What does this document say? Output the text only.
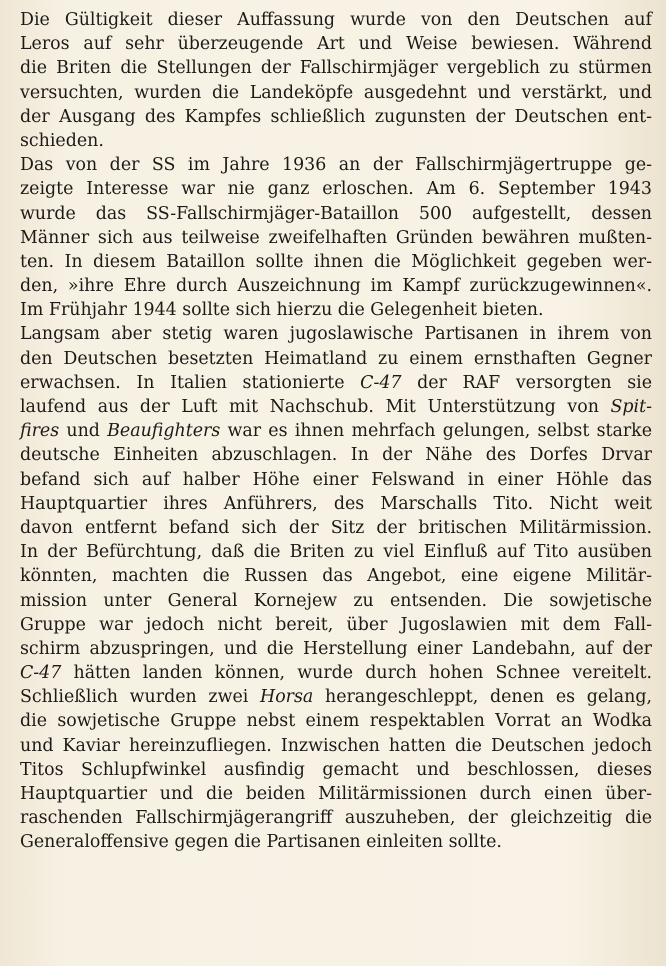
Die Gültigkeit dieser Auffassung wurde von den Deutschen auf
Leros auf sehr überzeugende Art und Weise bewiesen. Während
die Briten die Stellungen der Fallschirmjäger vergeblich zu stürmen
versuchten, wurden die Landeköpfe ausgedehnt und verstärkt, und
der Ausgang des Kampfes schließlich zugunsten der Deutschen ent-
schieden.

Das von der SS im Jahre 1936 an der Fallschirmjägertruppe ge-
zeigte Interesse war nie ganz erloschen. Am 6. September 1943
wurde das SS-Fallschirmjäger-Bataillon 500 aufgestellt, dessen
Männer sich aus teilweise zweifelhaften Gründen bewähren mußten-
ten. In diesem Bataillon sollte ihnen die Möglichkeit gegeben wer-
den, »ihre Ehre durch Auszeichnung im Kampf zurückzugewinnen«.
Im Frühjahr 1944 sollte sich hierzu die Gelegenheit bieten.

Langsam aber stetig waren jugoslawische Partisanen in ihrem von
den Deutschen besetzten Heimatland zu einem ernsthaften Gegner
erwachsen. In Italien stationierte C-47 der RAF versorgten sie
laufend aus der Luft mit Nachschub. Mit Unterstützung von Spit-
fires und Beaufighters war es ihnen mehrfach gelungen, selbst starke
deutsche Einheiten abzuschlagen. In der Nähe des Dorfes Drvar
befand sich auf halber Höhe einer Felswand in einer Höhle das
Hauptquartier ihres Anführers, des Marschalls Tito. Nicht weit
davon entfernt befand sich der Sitz der britischen Militärmission.
In der Befürchtung, daß die Briten zu viel Einfluß auf Tito ausüben
könnten, machten die Russen das Angebot, eine eigene Militär-
mission unter General Kornejew zu entsenden. Die sowjetische
Gruppe war jedoch nicht bereit, über Jugoslawien mit dem Fall-
schirm abzuspringen, und die Herstellung einer Landebahn, auf der
C-47 hätten landen können, wurde durch hohen Schnee vereitelt.
Schließlich wurden zwei Horsa herangeschleppt, denen es gelang,
die sowjetische Gruppe nebst einem respektablen Vorrat an Wodka
und Kaviar hereinzufliegen. Inzwischen hatten die Deutschen jedoch
Titos Schlupfwinkel ausfindig gemacht und beschlossen, dieses
Hauptquartier und die beiden Militärmissionen durch einen über-
raschenden Fallschirmjägerangriff auszuheben, der gleichzeitig die
Generaloffensive gegen die Partisanen einleiten sollte.
